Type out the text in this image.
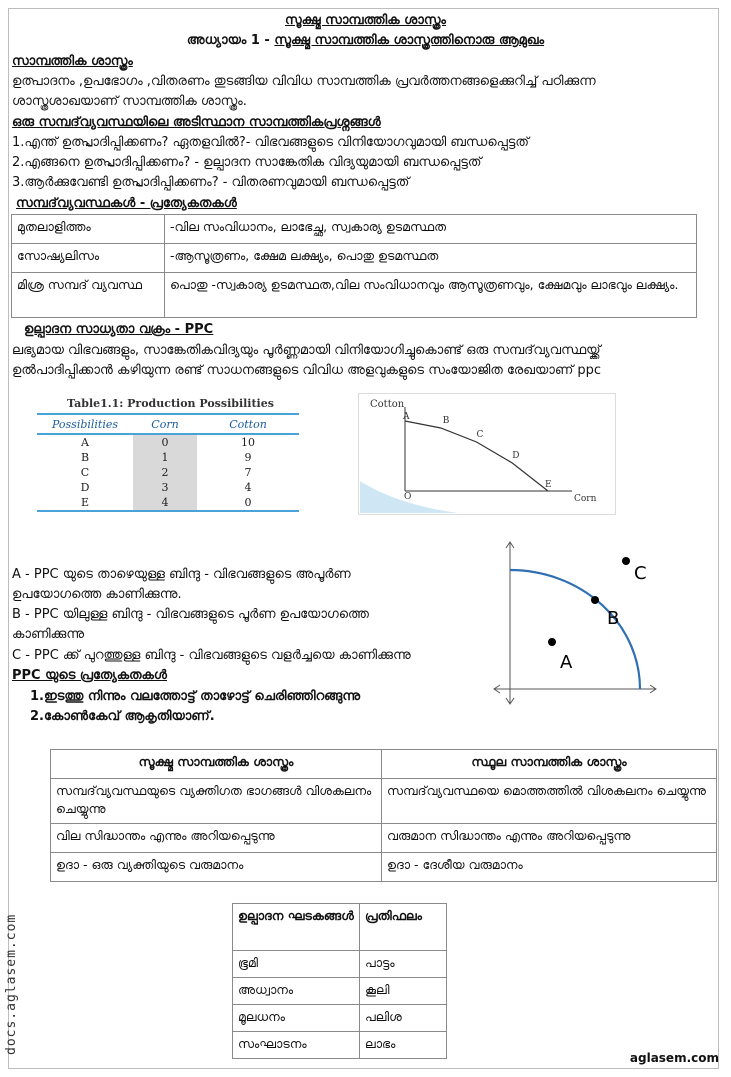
സൂക്ഷ്മ സാമ്പത്തിക ശാസ്ത്രം
അധ്യായം 1 - സൂക്ഷ്മ സാമ്പത്തിക ശാസ്ത്രത്തിനൊരു ആമുഖം
സാമ്പത്തിക ശാസ്ത്രം
ഉത്പാദനം ,ഉപഭോഗം ,വിതരണം തുടങ്ങിയ വിവിധ സാമ്പത്തിക പ്രവർത്തനങ്ങളെക്കുറിച്ച് പഠിക്കുന്ന
ശാസ്ത്രശാഖയാണ് സാമ്പത്തിക ശാസ്ത്രം.
ഒരു സമ്പദ്‌വ്യവസ്ഥയിലെ അടിസ്ഥാന സാമ്പത്തികപ്രശ്നങ്ങൾ
1.എന്ത് ഉത്പ്പാദിപ്പിക്കണം? ഏതളവിൽ?- വിഭവങ്ങളുടെ വിനിയോഗവുമായി ബന്ധപ്പെട്ടത്
2.എങ്ങനെ ഉത്പ്പാദിപ്പിക്കണം? - ഉല്പാദന സാങ്കേതിക വിദ്യയുമായി ബന്ധപ്പെട്ടത്
3.ആർക്കുവേണ്ടി ഉത്പ്പാദിപ്പിക്കണം? - വിതരണവുമായി ബന്ധപ്പെട്ടത്
സമ്പദ്‌വ്യവസ്ഥകൾ - പ്രത്യേകതകൾ
മുതലാളിത്തം	-വില സംവിധാനം, ലാഭേച്ഛ, സ്വകാര്യ ഉടമസ്ഥത
സോഷ്യലിസം	-ആസൂത്രണം, ക്ഷേമ ലക്ഷ്യം, പൊതു ഉടമസ്ഥത
മിശ്ര സമ്പദ് വ്യവസ്ഥ	പൊതു -സ്വകാര്യ ഉടമസ്ഥത,വില സംവിധാനവും ആസൂത്രണവും, ക്ഷേമവും ലാഭവും ലക്ഷ്യം.
ഉല്പാദന സാധ്യതാ വക്രം - PPC
ലഭ്യമായ വിഭവങ്ങളും, സാങ്കേതികവിദ്യയും പൂർണ്ണമായി വിനിയോഗിച്ചുകൊണ്ട് ഒരു സമ്പദ്‌വ്യവസ്ഥയ്ക്ക്
ഉൽപാദിപ്പിക്കാൻ കഴിയുന്ന രണ്ട് സാധനങ്ങളുടെ വിവിധ അളവുകളുടെ സംയോജിത രേഖയാണ് ppc
Table1.1: Production Possibilities
Possibilities	Corn	Cotton
A	0	10
B	1	9
C	2	7
D	3	4
E	4	0
Cotton
Corn
O
A	B
C
D
E
A
B
C
A - PPC യുടെ താഴെയുള്ള ബിന്ദു - വിഭവങ്ങളുടെ അപൂർണ
ഉപയോഗത്തെ കാണിക്കുന്നു.
B - PPC യിലുള്ള ബിന്ദു - വിഭവങ്ങളുടെ പൂർണ ഉപയോഗത്തെ
കാണിക്കുന്നു
C - PPC ക്ക് പുറത്തുള്ള ബിന്ദു - വിഭവങ്ങളുടെ വളർച്ചയെ കാണിക്കുന്നു
PPC യുടെ പ്രത്യേകതകൾ
1.ഇടത്തു നിന്നും വലത്തോട്ട് താഴോട്ട് ചെരിഞ്ഞിറങ്ങുന്നു
2.കോൺകേവ് ആകൃതിയാണ്.
സൂക്ഷ്മ സാമ്പത്തിക ശാസ്ത്രം	സ്ഥൂല സാമ്പത്തിക ശാസ്ത്രം
സമ്പദ്‌വ്യവസ്ഥയുടെ വ്യക്തിഗത ഭാഗങ്ങൾ വിശകലനം ചെയ്യുന്നു	സമ്പദ്‌വ്യവസ്ഥയെ മൊത്തത്തിൽ വിശകലനം ചെയ്യുന്നു
വില സിദ്ധാന്തം എന്നും അറിയപ്പെടുന്നു	വരുമാന സിദ്ധാന്തം എന്നും അറിയപ്പെടുന്നു
ഉദാ - ഒരു വ്യക്തിയുടെ വരുമാനം	ഉദാ - ദേശീയ വരുമാനം
ഉല്പാദന ഘടകങ്ങൾ	പ്രതിഫലം
ഭൂമി	പാട്ടം
അധ്വാനം	കൂലി
മൂലധനം	പലിശ
സംഘാടനം	ലാഭം
docs.aglasem.com
aglasem.com
